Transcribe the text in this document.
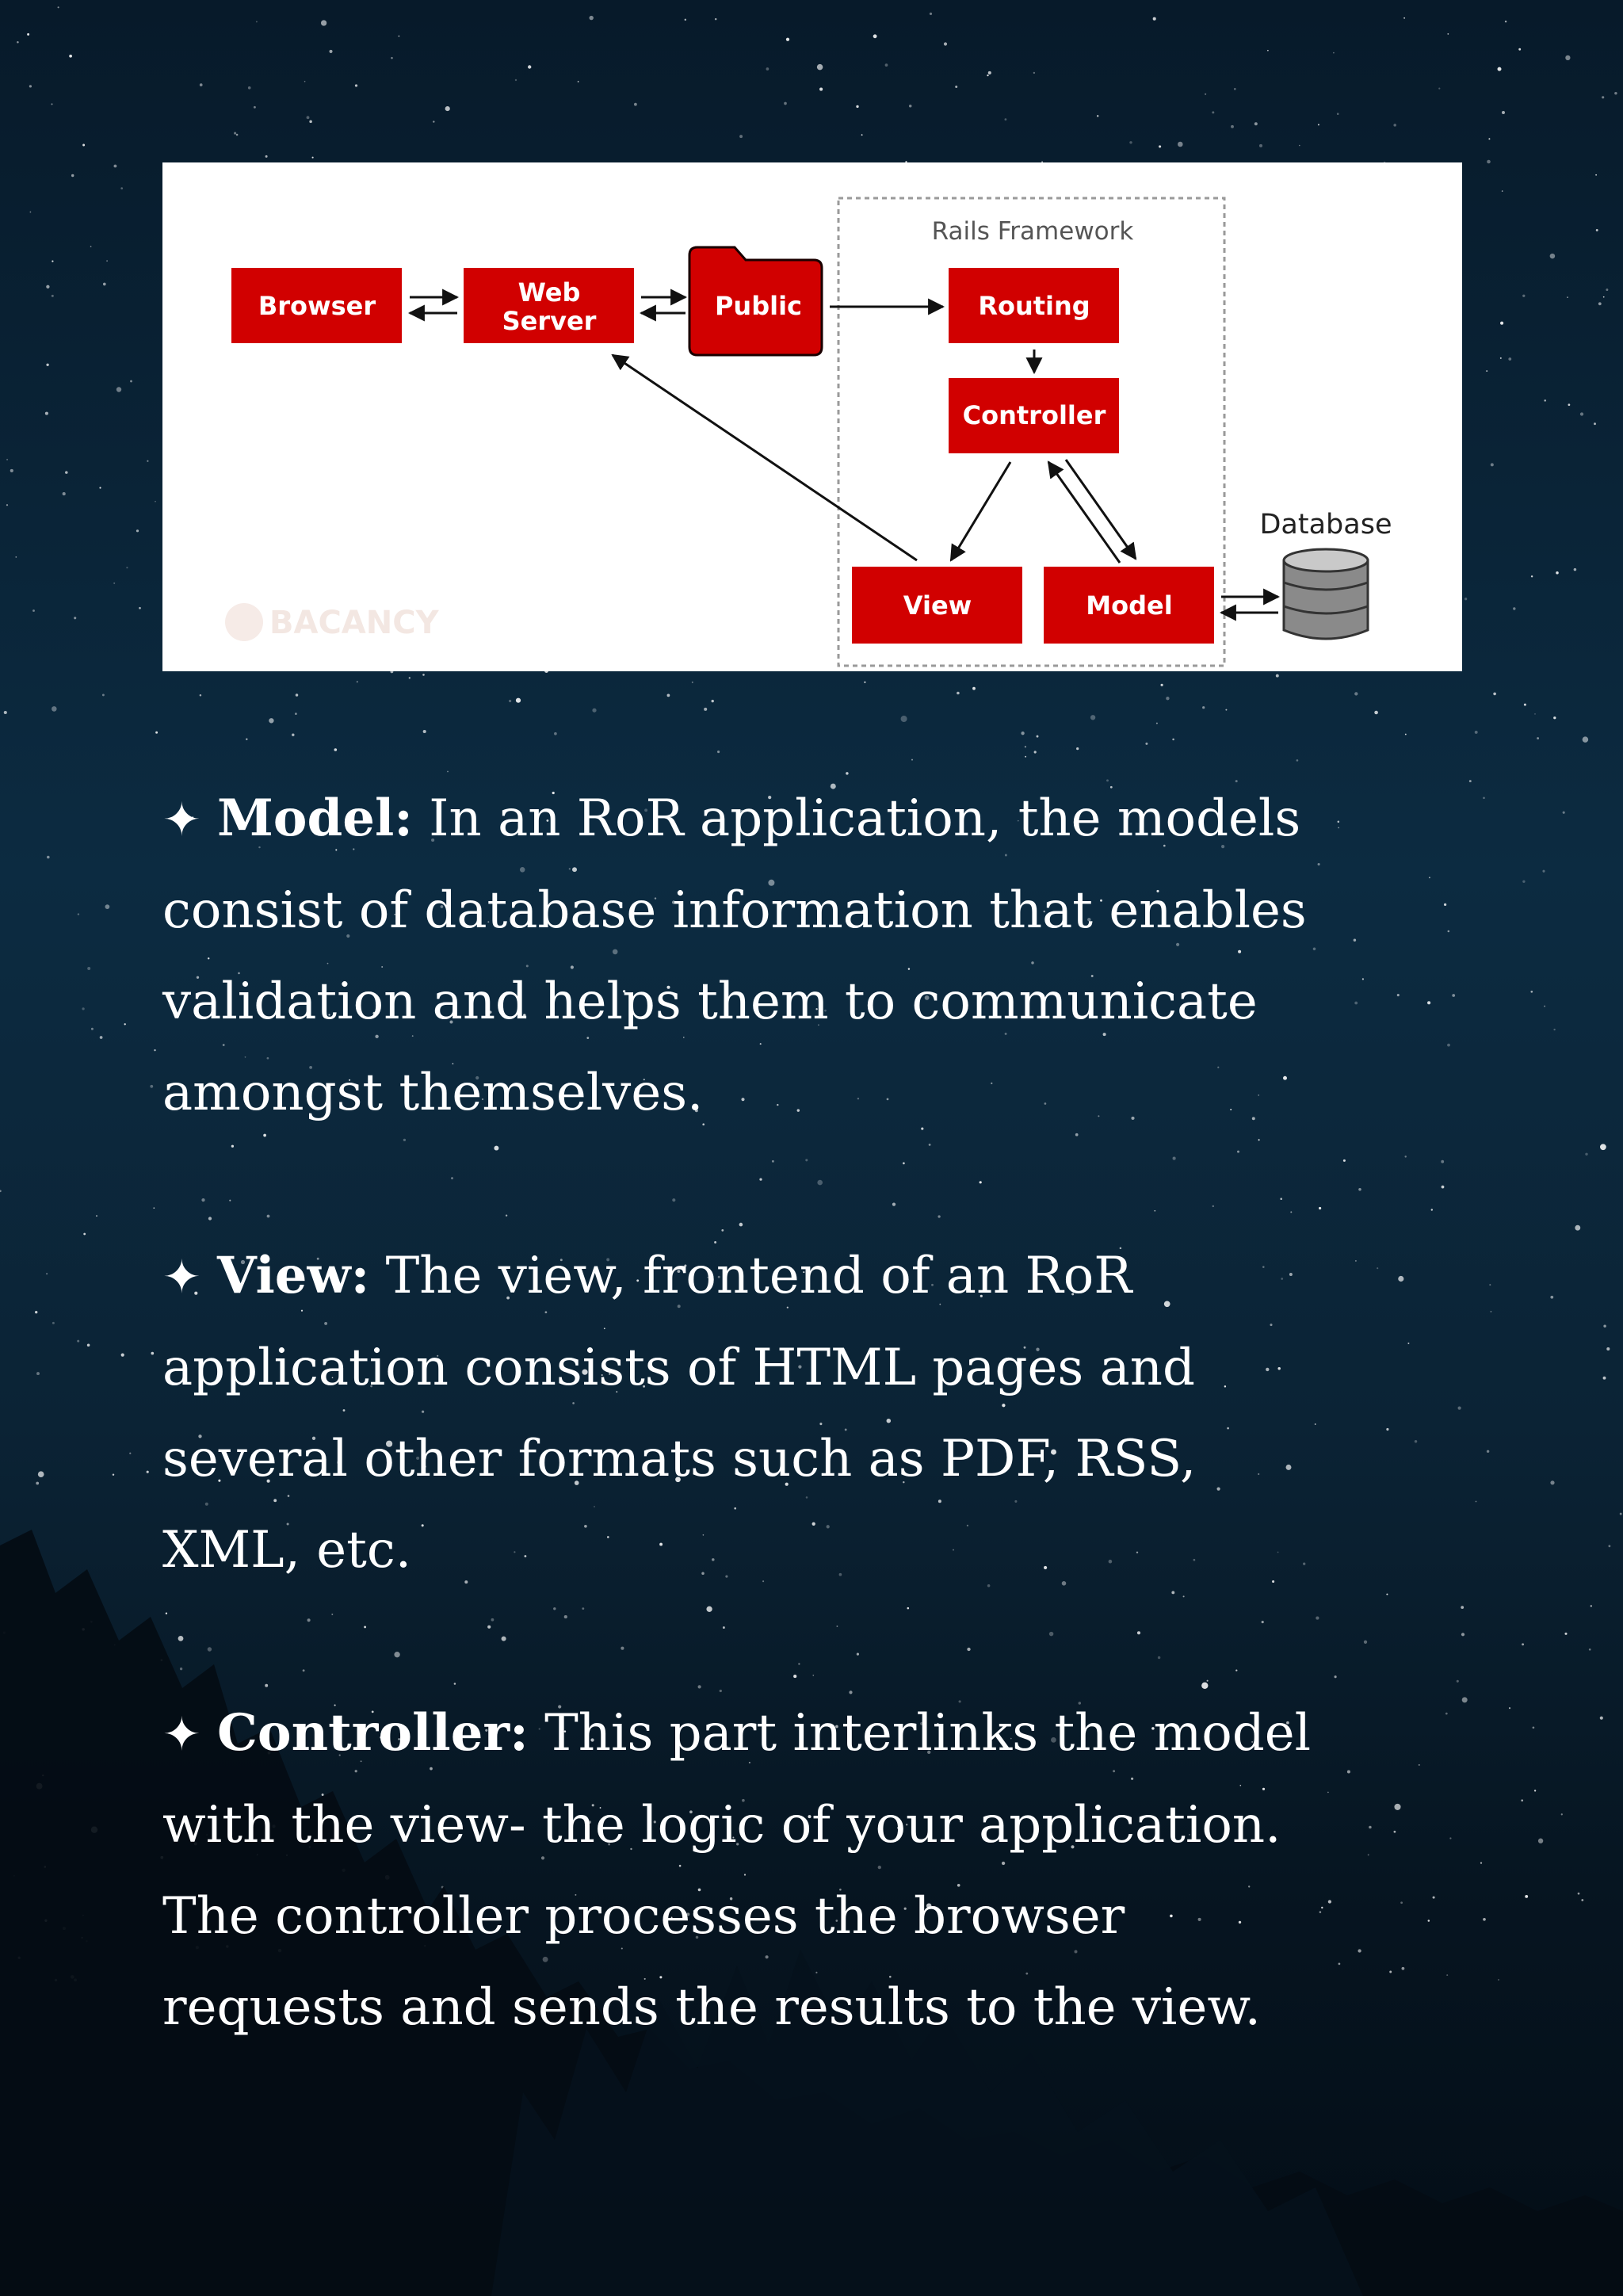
BACANCY
Rails Framework
Browser	Web
Server	Public	Routing
Controller
View	Model
Database

✦ Model: In an RoR application, the models
consist of database information that enables
validation and helps them to communicate
amongst themselves.

✦ View: The view, frontend of an RoR
application consists of HTML pages and
several other formats such as PDF, RSS,
XML, etc.

✦ Controller: This part interlinks the model
with the view- the logic of your application.
The controller processes the browser
requests and sends the results to the view.
